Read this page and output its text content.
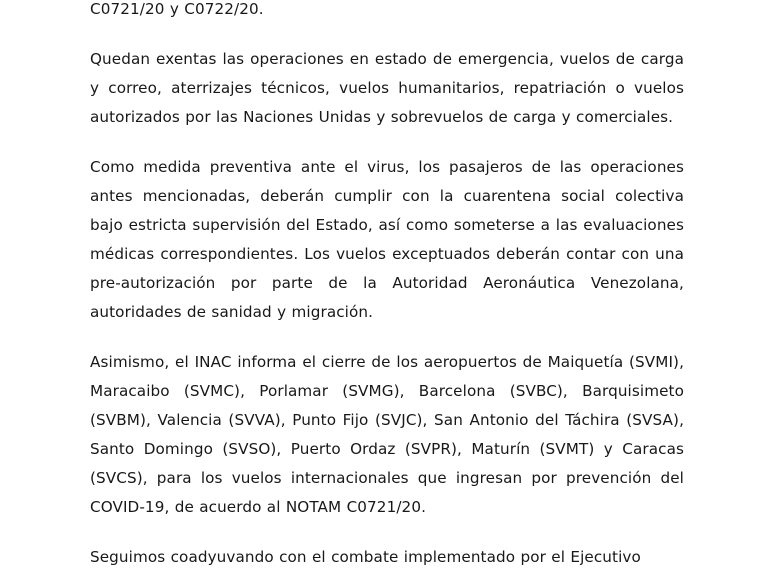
C0721/20 y C0722/20.

Quedan exentas las operaciones en estado de emergencia, vuelos de carga y correo, aterrizajes técnicos, vuelos humanitarios, repatriación o vuelos autorizados por las Naciones Unidas y sobrevuelos de carga y comerciales.

Como medida preventiva ante el virus, los pasajeros de las operaciones antes mencionadas, deberán cumplir con la cuarentena social colectiva bajo estricta supervisión del Estado, así como someterse a las evaluaciones médicas correspondientes. Los vuelos exceptuados deberán contar con una pre-autorización por parte de la Autoridad Aeronáutica Venezolana, autoridades de sanidad y migración.

Asimismo, el INAC informa el cierre de los aeropuertos de Maiquetía (SVMI), Maracaibo (SVMC), Porlamar (SVMG), Barcelona (SVBC), Barquisimeto (SVBM), Valencia (SVVA), Punto Fijo (SVJC), San Antonio del Táchira (SVSA), Santo Domingo (SVSO), Puerto Ordaz (SVPR), Maturín (SVMT) y Caracas (SVCS), para los vuelos internacionales que ingresan por prevención del COVID-19, de acuerdo al NOTAM C0721/20.

Seguimos coadyuvando con el combate implementado por el Ejecutivo
